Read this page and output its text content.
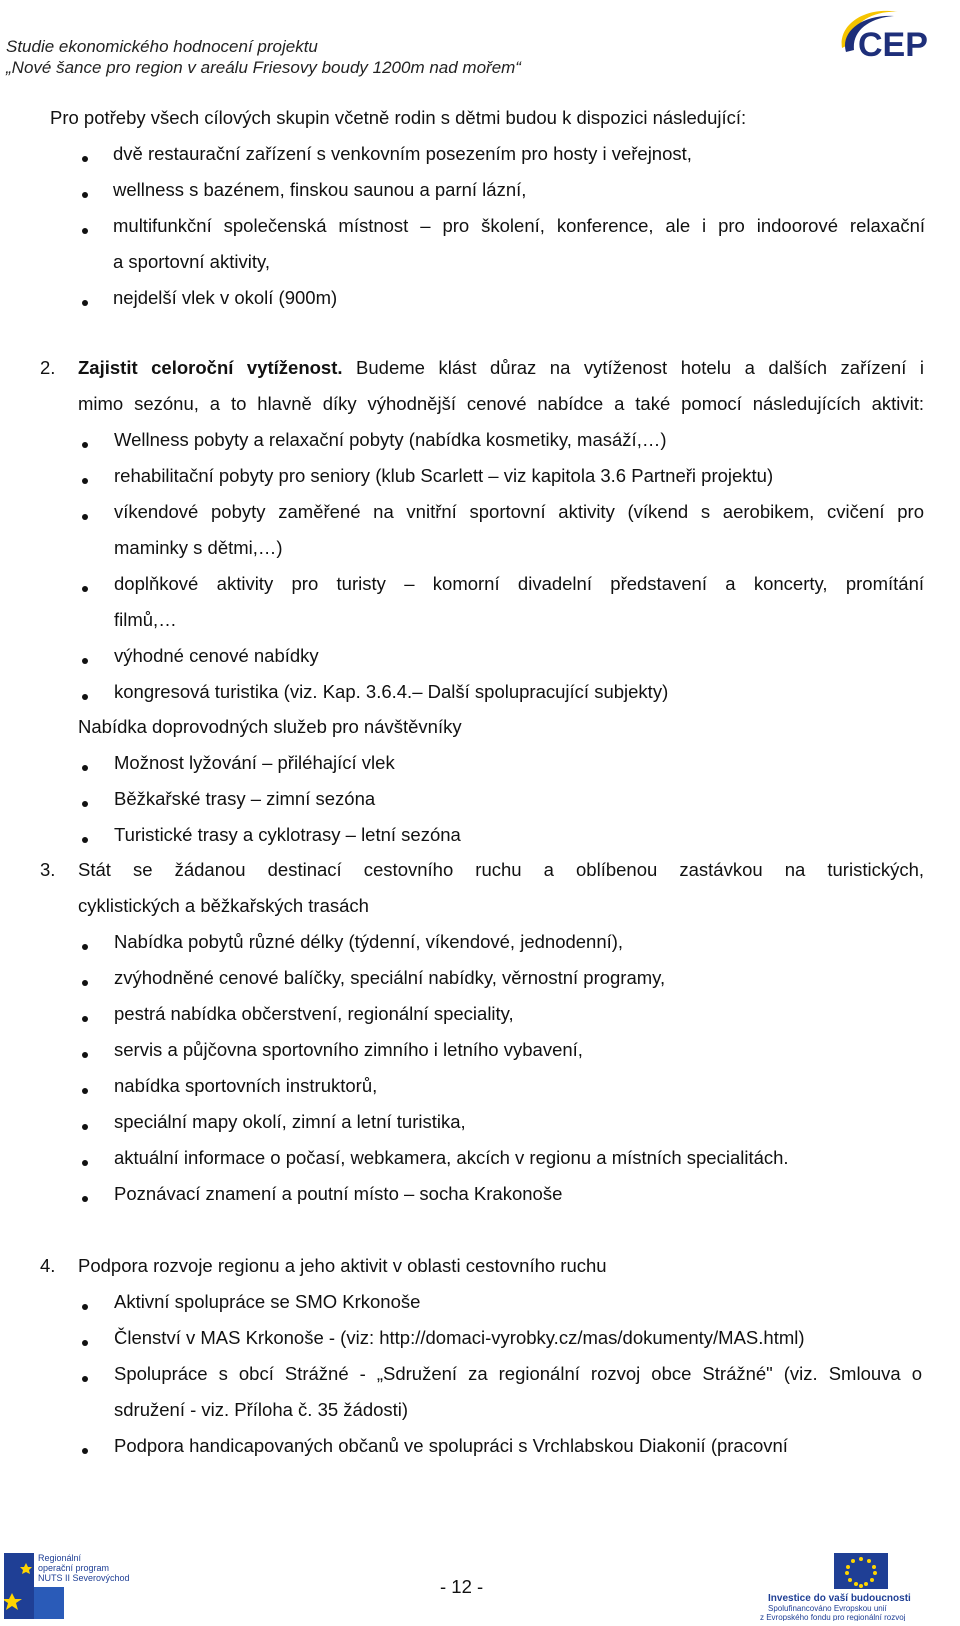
Studie ekonomického hodnocení projektu
„Nové šance pro region v areálu Friesovy boudy 1200m nad mořem“
CEP
Pro potřeby všech cílových skupin včetně rodin s dětmi budou k dispozici následující:
dvě restaurační zařízení s venkovním posezením pro hosty i veřejnost,
wellness s bazénem, finskou saunou a parní lázní,
multifunkční společenská místnost – pro školení, konference, ale i pro indoorové relaxační
a sportovní aktivity,
nejdelší vlek v okolí (900m)
2. Zajistit celoroční vytíženost. Budeme klást důraz na vytíženost hotelu a dalších zařízení i
mimo sezónu, a to hlavně díky výhodnější cenové nabídce a také pomocí následujících aktivit:
Wellness pobyty a relaxační pobyty (nabídka kosmetiky, masáží,…)
rehabilitační pobyty pro seniory (klub Scarlett – viz kapitola 3.6 Partneři projektu)
víkendové pobyty zaměřené na vnitřní sportovní aktivity (víkend s aerobikem, cvičení pro
maminky s dětmi,…)
doplňkové aktivity pro turisty – komorní divadelní představení a koncerty, promítání
filmů,…
výhodné cenové nabídky
kongresová turistika (viz. Kap. 3.6.4.– Další spolupracující subjekty)
Nabídka doprovodných služeb pro návštěvníky
Možnost lyžování – přiléhající vlek
Běžkařské trasy – zimní sezóna
Turistické trasy a cyklotrasy – letní sezóna
3. Stát se žádanou destinací cestovního ruchu a oblíbenou zastávkou na turistických,
cyklistických a běžkařských trasách
Nabídka pobytů různé délky (týdenní, víkendové, jednodenní),
zvýhodněné cenové balíčky, speciální nabídky, věrnostní programy,
pestrá nabídka občerstvení, regionální speciality,
servis a půjčovna sportovního zimního i letního vybavení,
nabídka sportovních instruktorů,
speciální mapy okolí, zimní a letní turistika,
aktuální informace o počasí, webkamera, akcích v regionu a místních specialitách.
Poznávací znamení a poutní místo – socha Krakonoše
4. Podpora rozvoje regionu a jeho aktivit v oblasti cestovního ruchu
Aktivní spolupráce se SMO Krkonoše
Členství v MAS Krkonoše - (viz: http://domaci-vyrobky.cz/mas/dokumenty/MAS.html)
Spolupráce s obcí Strážné - „Sdružení za regionální rozvoj obce Strážné" (viz. Smlouva o
sdružení - viz. Příloha č. 35 žádosti)
Podpora handicapovaných občanů ve spolupráci s Vrchlabskou Diakonií (pracovní
Regionální
operační program
NUTS II Severovýchod	- 12 -
Investice do vaší budoucnosti
Spolufinancováno Evropskou unií
z Evropského fondu pro regionální rozvoj
